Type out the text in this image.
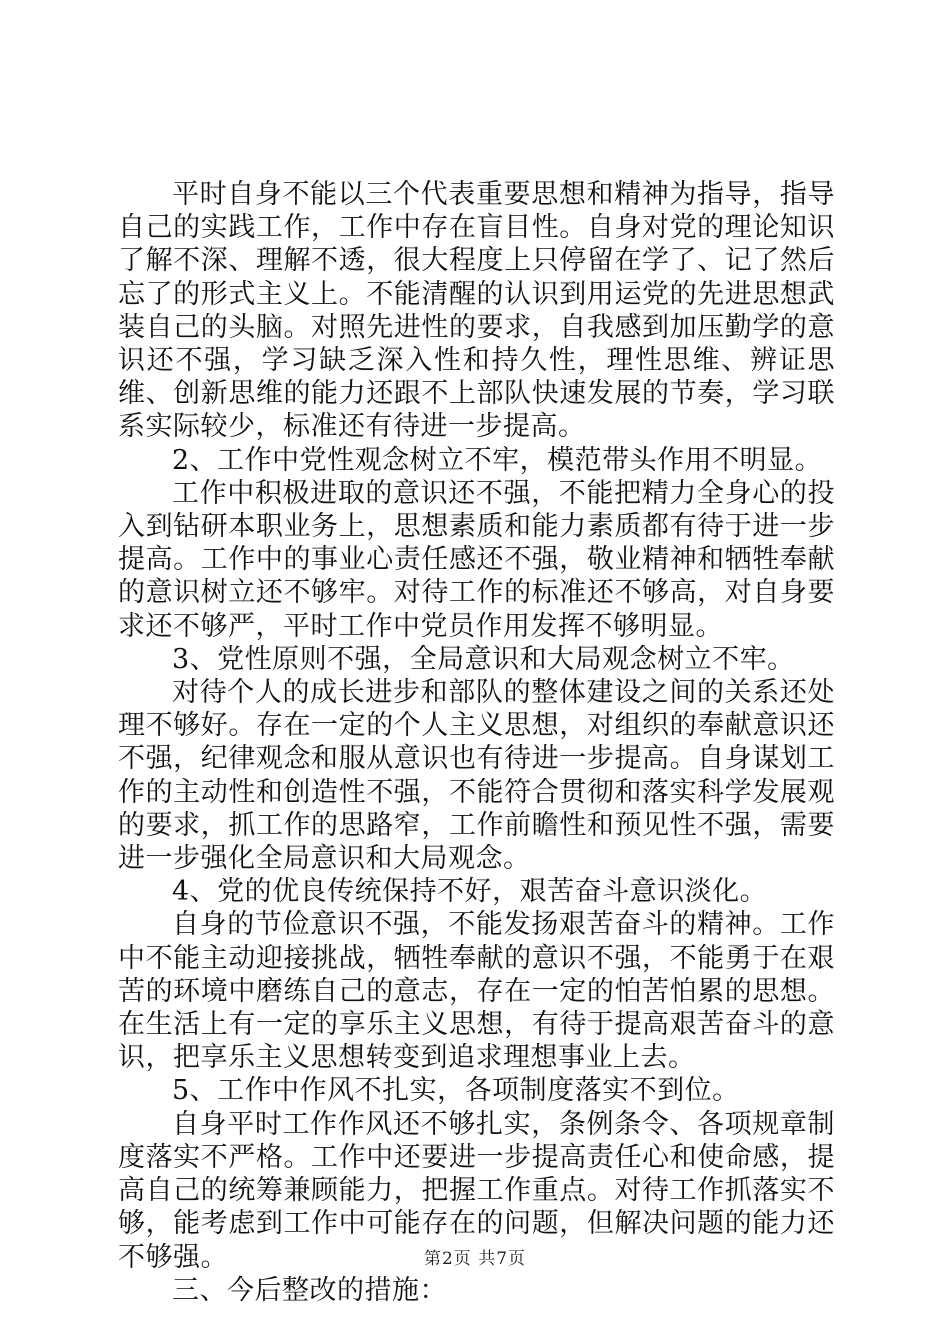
平时自身不能以三个代表重要思想和精神为指导，指导自己的实践工作，工作中存在盲目性。自身对党的理论知识了解不深、理解不透，很大程度上只停留在学了、记了然后忘了的形式主义上。不能清醒的认识到用运党的先进思想武装自己的头脑。对照先进性的要求，自我感到加压勤学的意识还不强，学习缺乏深入性和持久性，理性思维、辨证思维、创新思维的能力还跟不上部队快速发展的节奏，学习联系实际较少，标准还有待进一步提高。

2、工作中党性观念树立不牢，模范带头作用不明显。

工作中积极进取的意识还不强，不能把精力全身心的投入到钻研本职业务上，思想素质和能力素质都有待于进一步提高。工作中的事业心责任感还不强，敬业精神和牺牲奉献的意识树立还不够牢。对待工作的标准还不够高，对自身要求还不够严，平时工作中党员作用发挥不够明显。

3、党性原则不强，全局意识和大局观念树立不牢。

对待个人的成长进步和部队的整体建设之间的关系还处理不够好。存在一定的个人主义思想，对组织的奉献意识还不强，纪律观念和服从意识也有待进一步提高。自身谋划工作的主动性和创造性不强，不能符合贯彻和落实科学发展观的要求，抓工作的思路窄，工作前瞻性和预见性不强，需要进一步强化全局意识和大局观念。

4、党的优良传统保持不好，艰苦奋斗意识淡化。

自身的节俭意识不强，不能发扬艰苦奋斗的精神。工作中不能主动迎接挑战，牺牲奉献的意识不强，不能勇于在艰苦的环境中磨练自己的意志，存在一定的怕苦怕累的思想。在生活上有一定的享乐主义思想，有待于提高艰苦奋斗的意识，把享乐主义思想转变到追求理想事业上去。

5、工作中作风不扎实，各项制度落实不到位。

自身平时工作作风还不够扎实，条例条令、各项规章制度落实不严格。工作中还要进一步提高责任心和使命感，提高自己的统筹兼顾能力，把握工作重点。对待工作抓落实不够，能考虑到工作中可能存在的问题，但解决问题的能力还不够强。

三、今后整改的措施：

第2页 共7页
